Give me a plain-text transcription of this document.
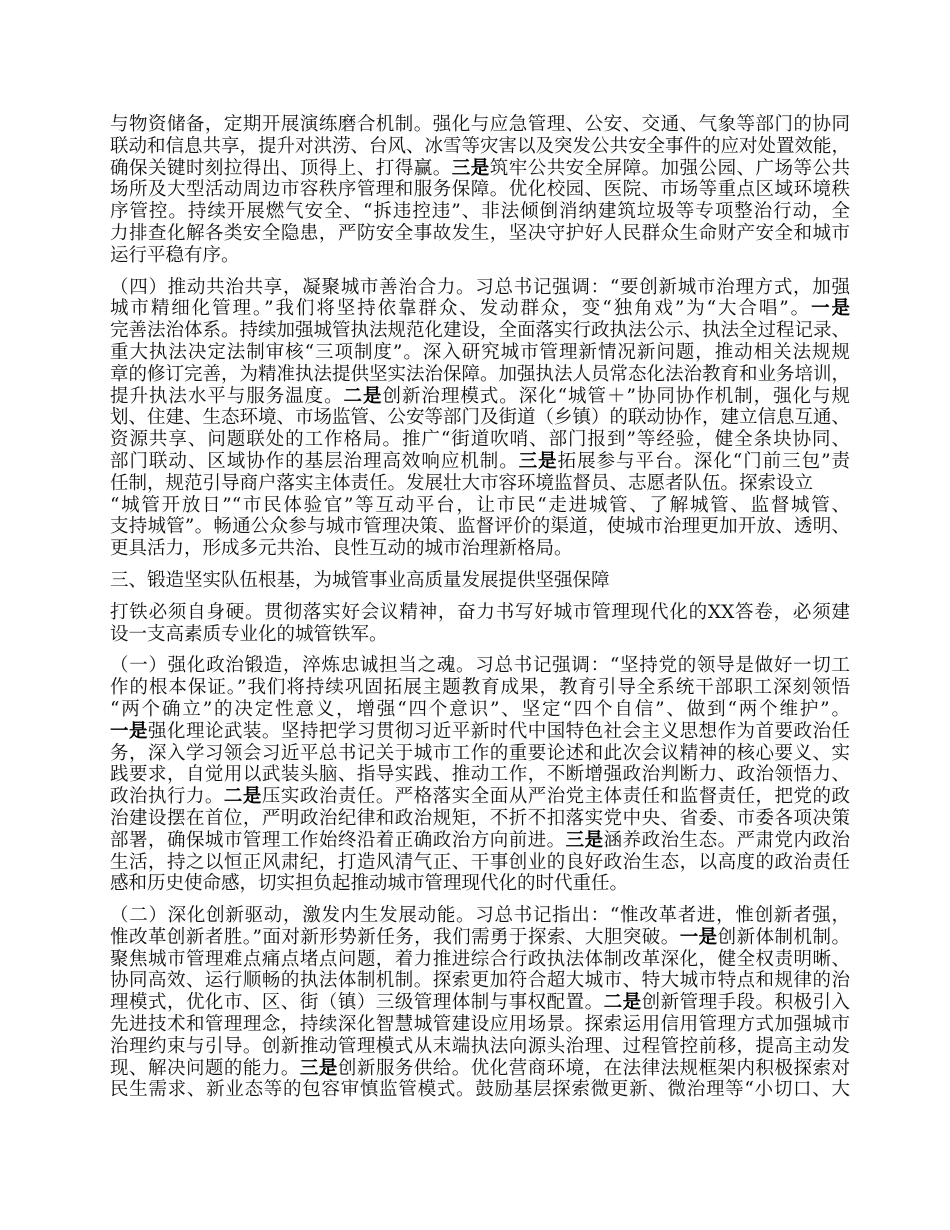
与物资储备，定期开展演练磨合机制。强化与应急管理、公安、交通、气象等部门的协同
联动和信息共享，提升对洪涝、台风、冰雪等灾害以及突发公共安全事件的应对处置效能，
确保关键时刻拉得出、顶得上、打得赢。三是筑牢公共安全屏障。加强公园、广场等公共
场所及大型活动周边市容秩序管理和服务保障。优化校园、医院、市场等重点区域环境秩
序管控。持续开展燃气安全、“拆违控违”、非法倾倒消纳建筑垃圾等专项整治行动，全
力排查化解各类安全隐患，严防安全事故发生，坚决守护好人民群众生命财产安全和城市
运行平稳有序。
（四）推动共治共享，凝聚城市善治合力。习总书记强调：“要创新城市治理方式，加强
城市精细化管理。”我们将坚持依靠群众、发动群众，变“独角戏”为“大合唱”。一是
完善法治体系。持续加强城管执法规范化建设，全面落实行政执法公示、执法全过程记录、
重大执法决定法制审核“三项制度”。深入研究城市管理新情况新问题，推动相关法规规
章的修订完善，为精准执法提供坚实法治保障。加强执法人员常态化法治教育和业务培训，
提升执法水平与服务温度。二是创新治理模式。深化“城管＋”协同协作机制，强化与规
划、住建、生态环境、市场监管、公安等部门及街道（乡镇）的联动协作，建立信息互通、
资源共享、问题联处的工作格局。推广“街道吹哨、部门报到”等经验，健全条块协同、
部门联动、区域协作的基层治理高效响应机制。三是拓展参与平台。深化“门前三包”责
任制，规范引导商户落实主体责任。发展壮大市容环境监督员、志愿者队伍。探索设立
“城管开放日”“市民体验官”等互动平台，让市民“走进城管、了解城管、监督城管、
支持城管”。畅通公众参与城市管理决策、监督评价的渠道，使城市治理更加开放、透明、
更具活力，形成多元共治、良性互动的城市治理新格局。
三、锻造坚实队伍根基，为城管事业高质量发展提供坚强保障
打铁必须自身硬。贯彻落实好会议精神，奋力书写好城市管理现代化的XX答卷，必须建
设一支高素质专业化的城管铁军。
（一）强化政治锻造，淬炼忠诚担当之魂。习总书记强调：“坚持党的领导是做好一切工
作的根本保证。”我们将持续巩固拓展主题教育成果，教育引导全系统干部职工深刻领悟
“两个确立”的决定性意义，增强“四个意识”、坚定“四个自信”、做到“两个维护”。
一是强化理论武装。坚持把学习贯彻习近平新时代中国特色社会主义思想作为首要政治任
务，深入学习领会习近平总书记关于城市工作的重要论述和此次会议精神的核心要义、实
践要求，自觉用以武装头脑、指导实践、推动工作，不断增强政治判断力、政治领悟力、
政治执行力。二是压实政治责任。严格落实全面从严治党主体责任和监督责任，把党的政
治建设摆在首位，严明政治纪律和政治规矩，不折不扣落实党中央、省委、市委各项决策
部署，确保城市管理工作始终沿着正确政治方向前进。三是涵养政治生态。严肃党内政治
生活，持之以恒正风肃纪，打造风清气正、干事创业的良好政治生态，以高度的政治责任
感和历史使命感，切实担负起推动城市管理现代化的时代重任。
（二）深化创新驱动，激发内生发展动能。习总书记指出：“惟改革者进，惟创新者强，
惟改革创新者胜。”面对新形势新任务，我们需勇于探索、大胆突破。一是创新体制机制。
聚焦城市管理难点痛点堵点问题，着力推进综合行政执法体制改革深化，健全权责明晰、
协同高效、运行顺畅的执法体制机制。探索更加符合超大城市、特大城市特点和规律的治
理模式，优化市、区、街（镇）三级管理体制与事权配置。二是创新管理手段。积极引入
先进技术和管理理念，持续深化智慧城管建设应用场景。探索运用信用管理方式加强城市
治理约束与引导。创新推动管理模式从末端执法向源头治理、过程管控前移，提高主动发
现、解决问题的能力。三是创新服务供给。优化营商环境，在法律法规框架内积极探索对
民生需求、新业态等的包容审慎监管模式。鼓励基层探索微更新、微治理等“小切口、大
